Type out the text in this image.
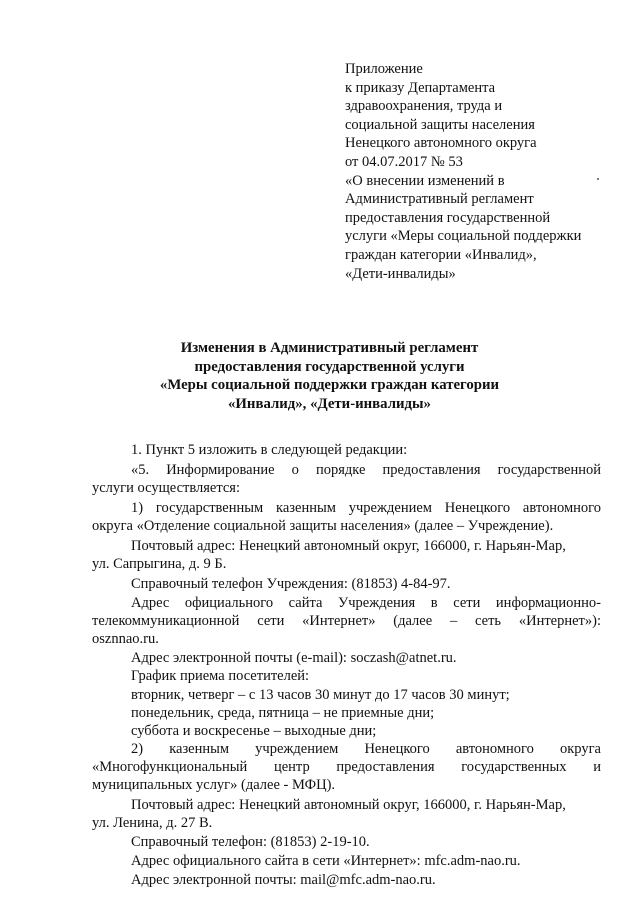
Приложение
к приказу Департамента
здравоохранения, труда и
социальной защиты населения
Ненецкого автономного округа
от 04.07.2017 № 53
«О внесении изменений в
Административный регламент
предоставления государственной
услуги «Меры социальной поддержки
граждан категории «Инвалид»,
«Дети-инвалиды»
Изменения в Административный регламент
предоставления государственной услуги
«Меры социальной поддержки граждан категории
«Инвалид», «Дети-инвалиды»
1. Пункт 5 изложить в следующей редакции:
«5. Информирование о порядке предоставления государственной
услуги осуществляется:
1) государственным казенным учреждением Ненецкого автономного
округа «Отделение социальной защиты населения» (далее – Учреждение).
Почтовый адрес: Ненецкий автономный округ, 166000, г. Нарьян-Мар,
ул. Сапрыгина, д. 9 Б.
Справочный телефон Учреждения: (81853) 4-84-97.
Адрес официального сайта Учреждения в сети информационно-
телекоммуникационной сети «Интернет» (далее – сеть «Интернет»):
osznnao.ru.
Адрес электронной почты (e-mail): soczash@atnet.ru.
График приема посетителей:
вторник, четверг – с 13 часов 30 минут до 17 часов 30 минут;
понедельник, среда, пятница – не приемные дни;
суббота и воскресенье – выходные дни;
2) казенным учреждением Ненецкого автономного округа
«Многофункциональный центр предоставления государственных и
муниципальных услуг» (далее - МФЦ).
Почтовый адрес: Ненецкий автономный округ, 166000, г. Нарьян-Мар,
ул. Ленина, д. 27 В.
Справочный телефон: (81853) 2-19-10.
Адрес официального сайта в сети «Интернет»: mfc.adm-nao.ru.
Адрес электронной почты: mail@mfc.adm-nao.ru.
